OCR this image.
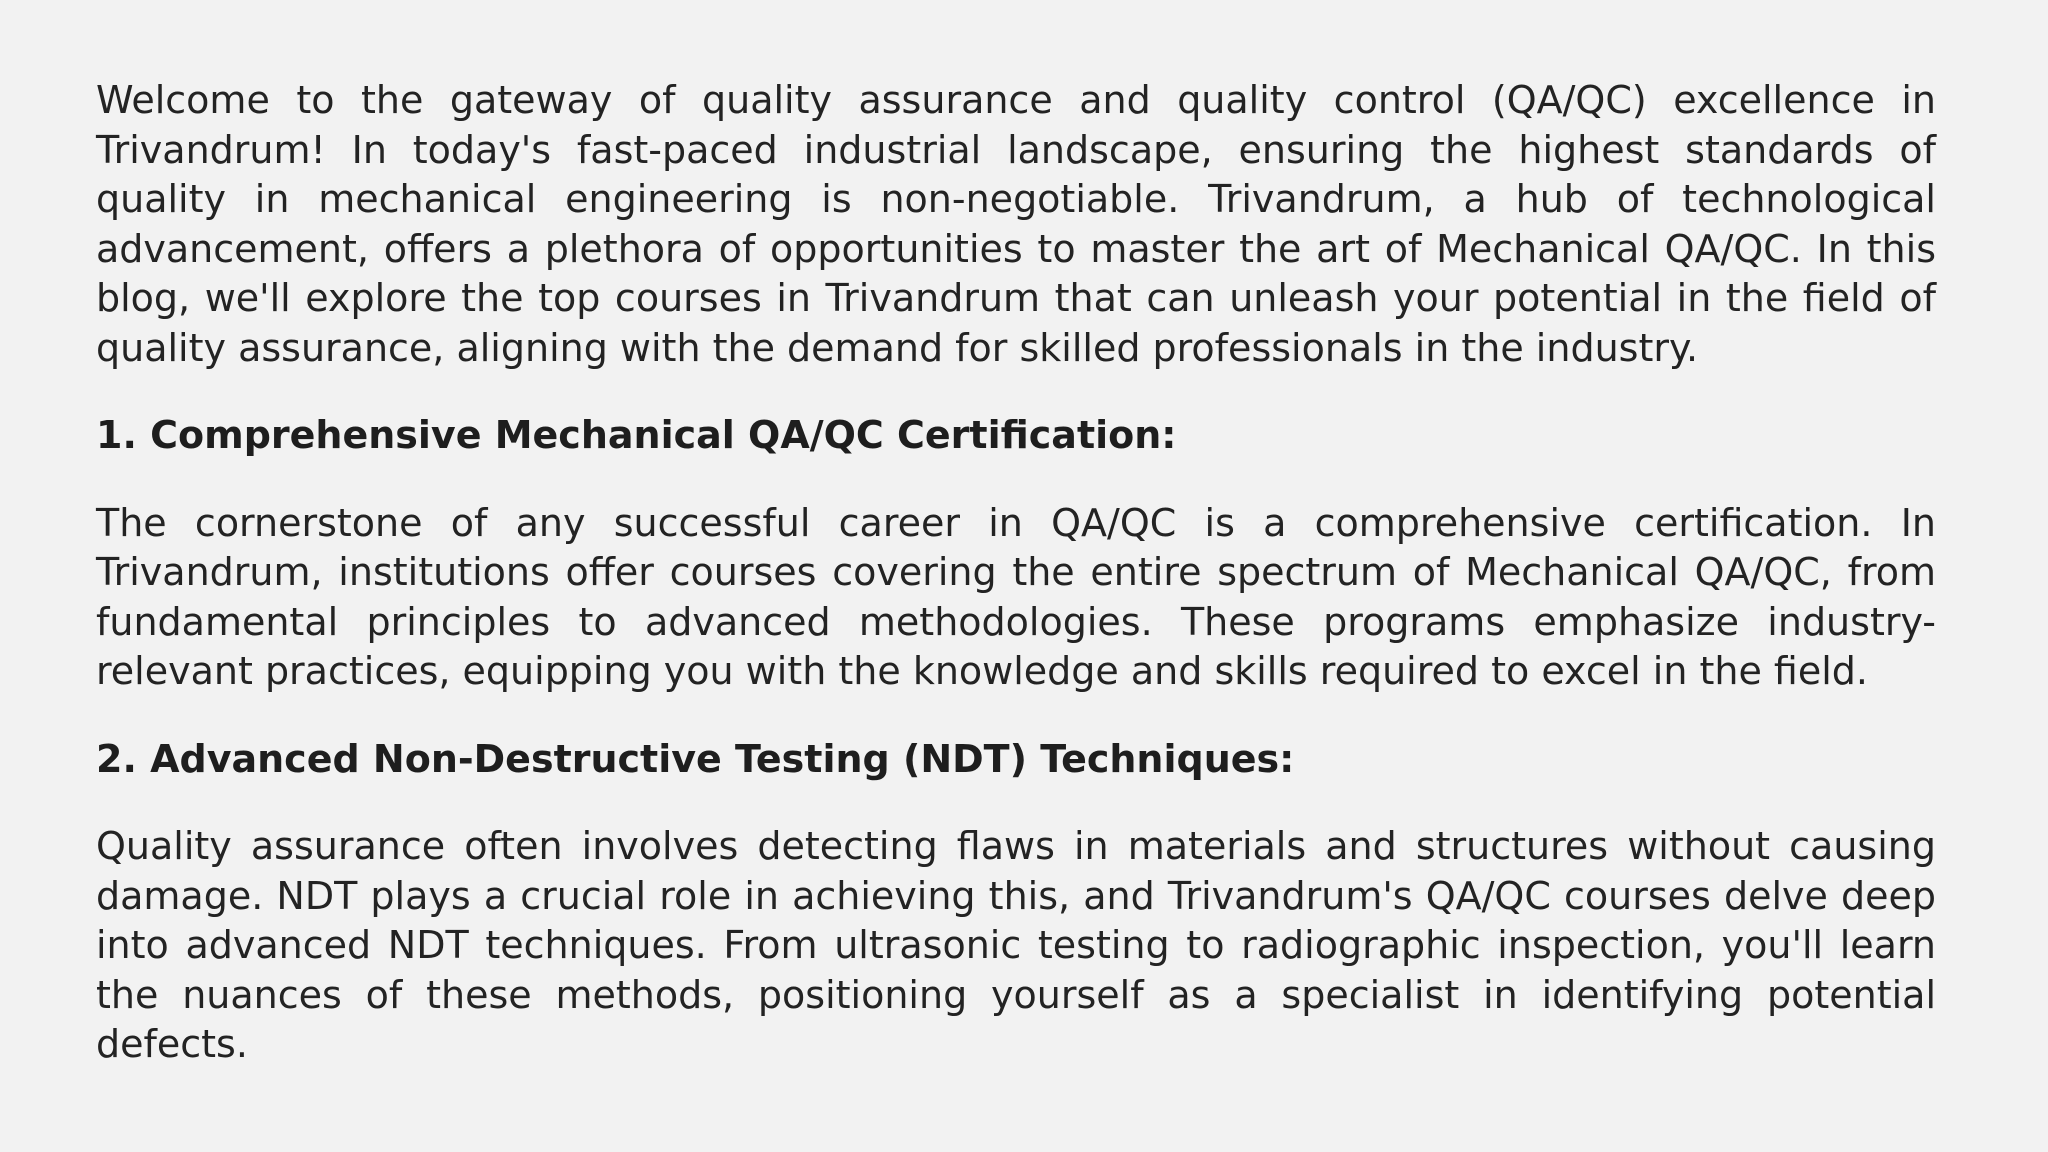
Welcome to the gateway of quality assurance and quality control (QA/QC) excellence in Trivandrum! In today's fast-paced industrial landscape, ensuring the highest standards of quality in mechanical engineering is non-negotiable. Trivandrum, a hub of technological advancement, offers a plethora of opportunities to master the art of Mechanical QA/QC. In this blog, we'll explore the top courses in Trivandrum that can unleash your potential in the field of quality assurance, aligning with the demand for skilled professionals in the industry.

1. Comprehensive Mechanical QA/QC Certification:

The cornerstone of any successful career in QA/QC is a comprehensive certification. In Trivandrum, institutions offer courses covering the entire spectrum of Mechanical QA/QC, from fundamental principles to advanced methodologies. These programs emphasize industry-relevant practices, equipping you with the knowledge and skills required to excel in the field.

2. Advanced Non-Destructive Testing (NDT) Techniques:

Quality assurance often involves detecting flaws in materials and structures without causing damage. NDT plays a crucial role in achieving this, and Trivandrum's QA/QC courses delve deep into advanced NDT techniques. From ultrasonic testing to radiographic inspection, you'll learn the nuances of these methods, positioning yourself as a specialist in identifying potential defects.
